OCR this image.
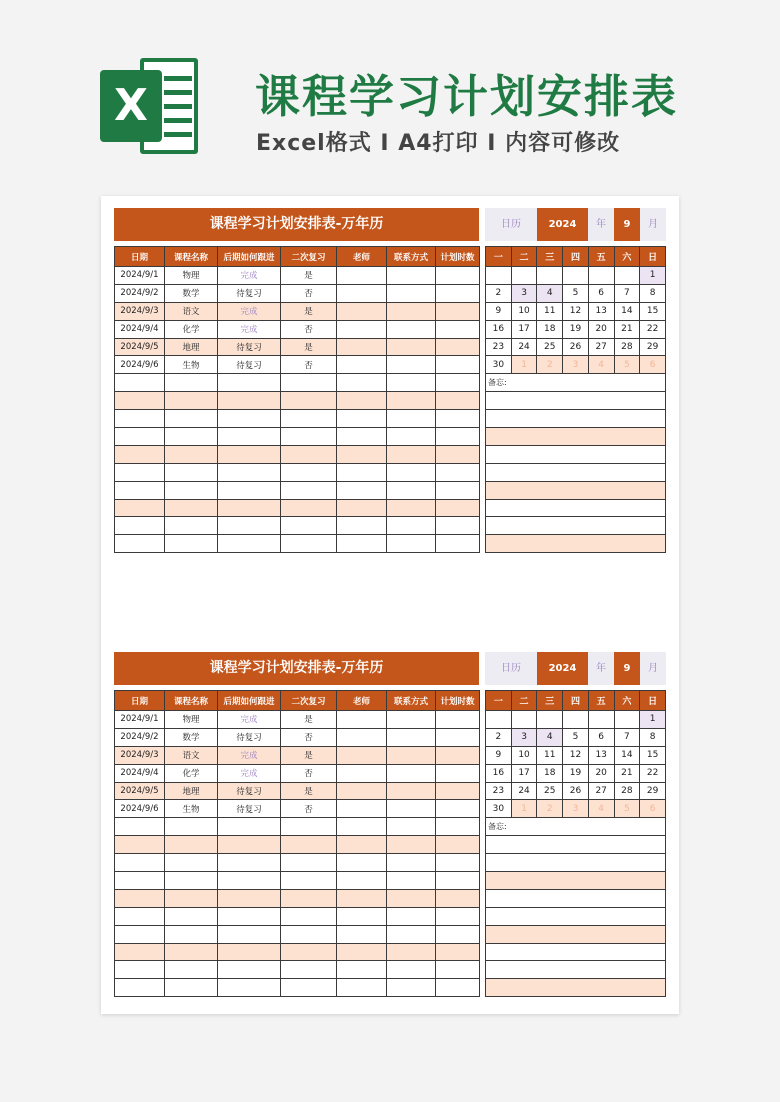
X	课程学习计划安排表
Excel格式 I A4打印 I 内容可修改
课程学习计划安排表-万年历	日历	2024	年	9	月
日期	课程名称	后期如何跟进	二次复习	老师	联系方式	计划时数
2024/9/1	物理	完成	是			
2024/9/2	数学	待复习	否			
2024/9/3	语文	完成	是			
2024/9/4	化学	完成	否			
2024/9/5	地理	待复习	是			
2024/9/6	生物	待复习	否			

一	二	三	四	五	六	日
						1
2	3	4	5	6	7	8
9	10	11	12	13	14	15
16	17	18	19	20	21	22
23	24	25	26	27	28	29
30	1	2	3	4	5	6
备忘:						

课程学习计划安排表-万年历	日历	2024	年	9	月
日期	课程名称	后期如何跟进	二次复习	老师	联系方式	计划时数
2024/9/1	物理	完成	是			
2024/9/2	数学	待复习	否			
2024/9/3	语文	完成	是			
2024/9/4	化学	完成	否			
2024/9/5	地理	待复习	是			
2024/9/6	生物	待复习	否			

一	二	三	四	五	六	日
						1
2	3	4	5	6	7	8
9	10	11	12	13	14	15
16	17	18	19	20	21	22
23	24	25	26	27	28	29
30	1	2	3	4	5	6
备忘:						
